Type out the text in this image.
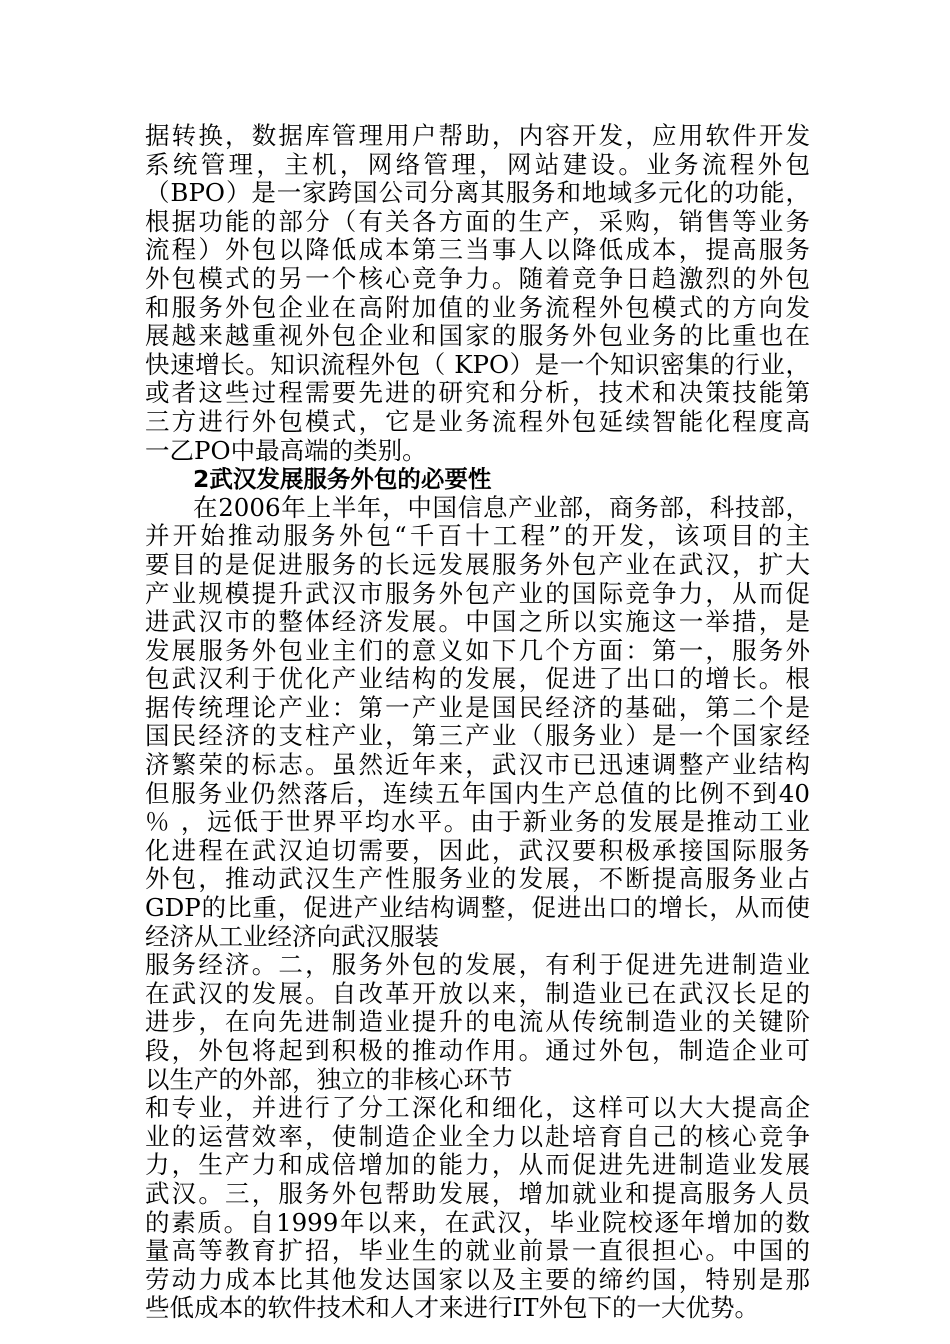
据转换，数据库管理用户帮助，内容开发，应用软件开发
系统管理，主机，网络管理，网站建设。业务流程外包
（BPO）是一家跨国公司分离其服务和地域多元化的功能，
根据功能的部分（有关各方面的生产，采购，销售等业务
流程）外包以降低成本第三当事人以降低成本，提高服务
外包模式的另一个核心竞争力。随着竞争日趋激烈的外包
和服务外包企业在高附加值的业务流程外包模式的方向发
展越来越重视外包企业和国家的服务外包业务的比重也在
快速增长。知识流程外包（ KPO）是一个知识密集的行业，
或者这些过程需要先进的研究和分析，技术和决策技能第
三方进行外包模式，它是业务流程外包延续智能化程度高
一乙PO中最高端的类别。
2武汉发展服务外包的必要性
在2006年上半年，中国信息产业部，商务部，科技部，
并开始推动服务外包“千百十工程”的开发，该项目的主
要目的是促进服务的长远发展服务外包产业在武汉，扩大
产业规模提升武汉市服务外包产业的国际竞争力，从而促
进武汉市的整体经济发展。中国之所以实施这一举措，是
发展服务外包业主们的意义如下几个方面：第一，服务外
包武汉利于优化产业结构的发展，促进了出口的增长。根
据传统理论产业：第一产业是国民经济的基础，第二个是
国民经济的支柱产业，第三产业（服务业）是一个国家经
济繁荣的标志。虽然近年来，武汉市已迅速调整产业结构
但服务业仍然落后，连续五年国内生产总值的比例不到40
％ ，远低于世界平均水平。由于新业务的发展是推动工业
化进程在武汉迫切需要，因此，武汉要积极承接国际服务
外包，推动武汉生产性服务业的发展，不断提高服务业占
GDP的比重，促进产业结构调整，促进出口的增长，从而使
经济从工业经济向武汉服装
服务经济。二，服务外包的发展，有利于促进先进制造业
在武汉的发展。自改革开放以来，制造业已在武汉长足的
进步，在向先进制造业提升的电流从传统制造业的关键阶
段，外包将起到积极的推动作用。通过外包，制造企业可
以生产的外部，独立的非核心环节
和专业，并进行了分工深化和细化，这样可以大大提高企
业的运营效率，使制造企业全力以赴培育自己的核心竞争
力，生产力和成倍增加的能力，从而促进先进制造业发展
武汉。三，服务外包帮助发展，增加就业和提高服务人员
的素质。自1999年以来，在武汉，毕业院校逐年增加的数
量高等教育扩招，毕业生的就业前景一直很担心。中国的
劳动力成本比其他发达国家以及主要的缔约国，特别是那
些低成本的软件技术和人才来进行IT外包下的一大优势。
